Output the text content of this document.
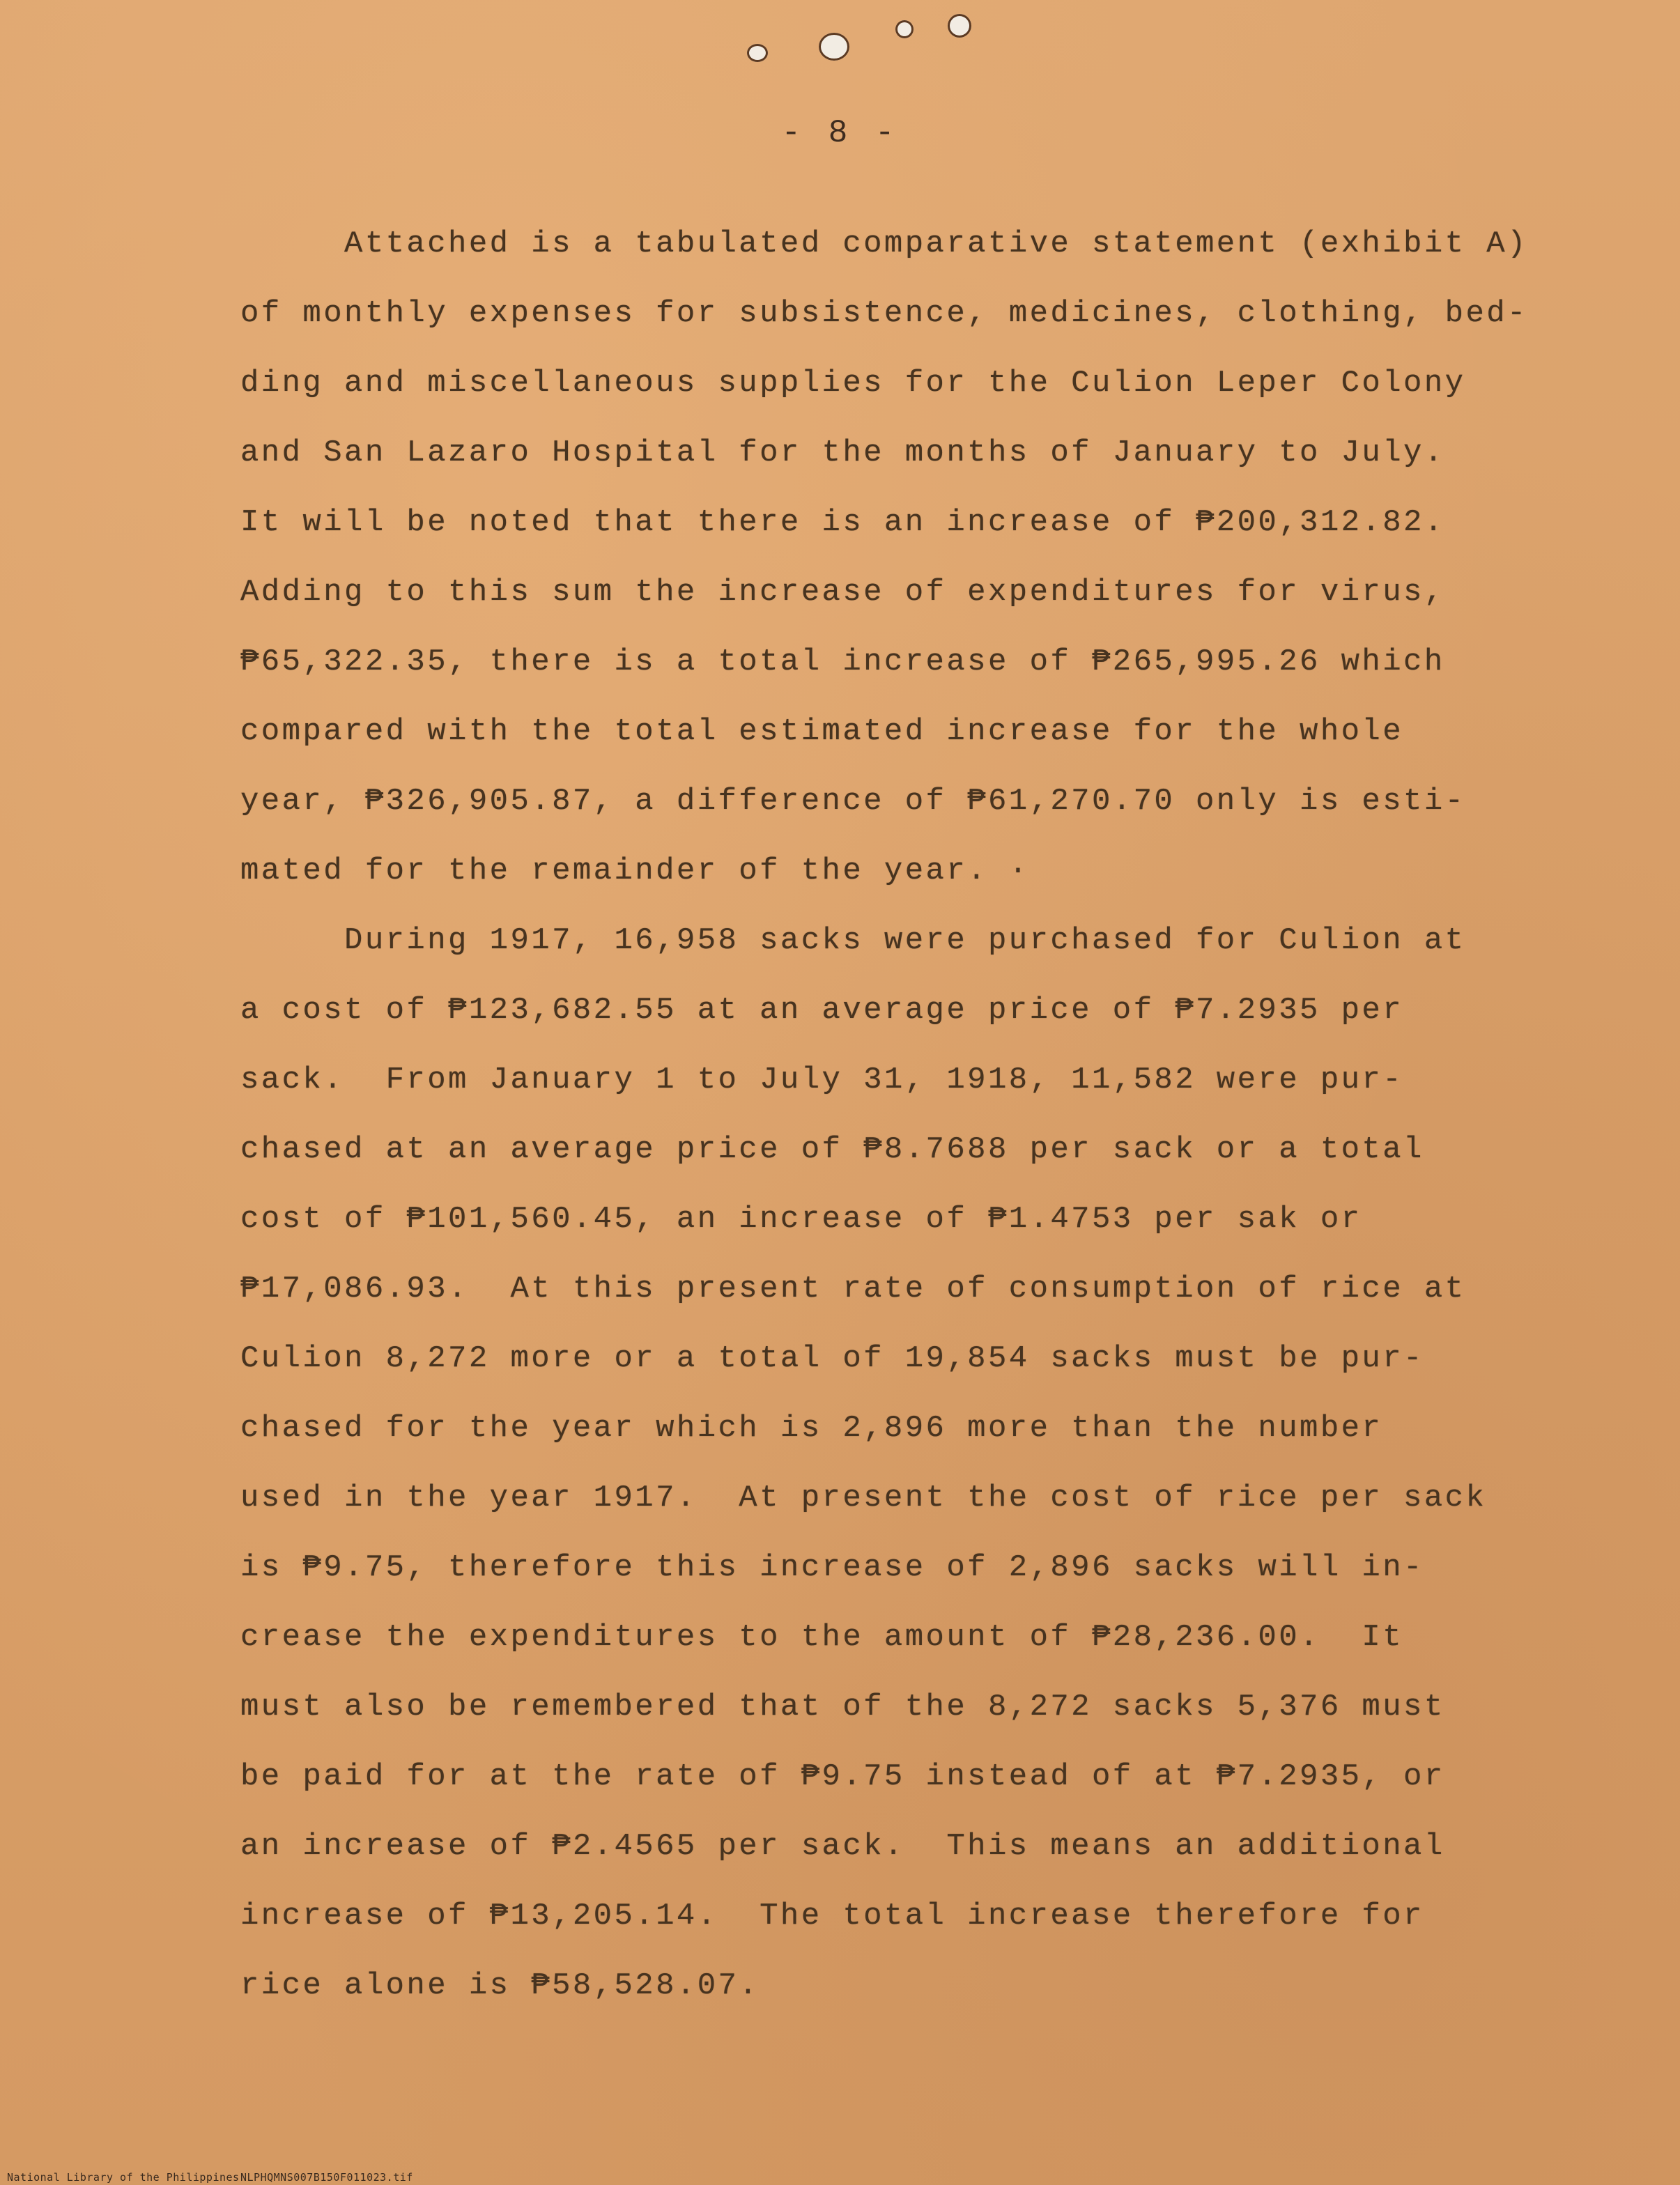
- 8 -
Attached is a tabulated comparative statement (exhibit A)
of monthly expenses for subsistence, medicines, clothing, bed-
ding and miscellaneous supplies for the Culion Leper Colony
and San Lazaro Hospital for the months of January to July.
It will be noted that there is an increase of ₱200,312.82.
Adding to this sum the increase of expenditures for virus,
₱65,322.35, there is a total increase of ₱265,995.26 which
compared with the total estimated increase for the whole
year, ₱326,905.87, a difference of ₱61,270.70 only is esti-
mated for the remainder of the year. ·
During 1917, 16,958 sacks were purchased for Culion at
a cost of ₱123,682.55 at an average price of ₱7.2935 per
sack.  From January 1 to July 31, 1918, 11,582 were pur-
chased at an average price of ₱8.7688 per sack or a total
cost of ₱101,560.45, an increase of ₱1.4753 per sak or
₱17,086.93.  At this present rate of consumption of rice at
Culion 8,272 more or a total of 19,854 sacks must be pur-
chased for the year which is 2,896 more than the number
used in the year 1917.  At present the cost of rice per sack
is ₱9.75, therefore this increase of 2,896 sacks will in-
crease the expenditures to the amount of ₱28,236.00.  It
must also be remembered that of the 8,272 sacks 5,376 must
be paid for at the rate of ₱9.75 instead of at ₱7.2935, or
an increase of ₱2.4565 per sack.  This means an additional
increase of ₱13,205.14.  The total increase therefore for
rice alone is ₱58,528.07.
National Library of the Philippines NLPHQMNS007B150F011023.tif
